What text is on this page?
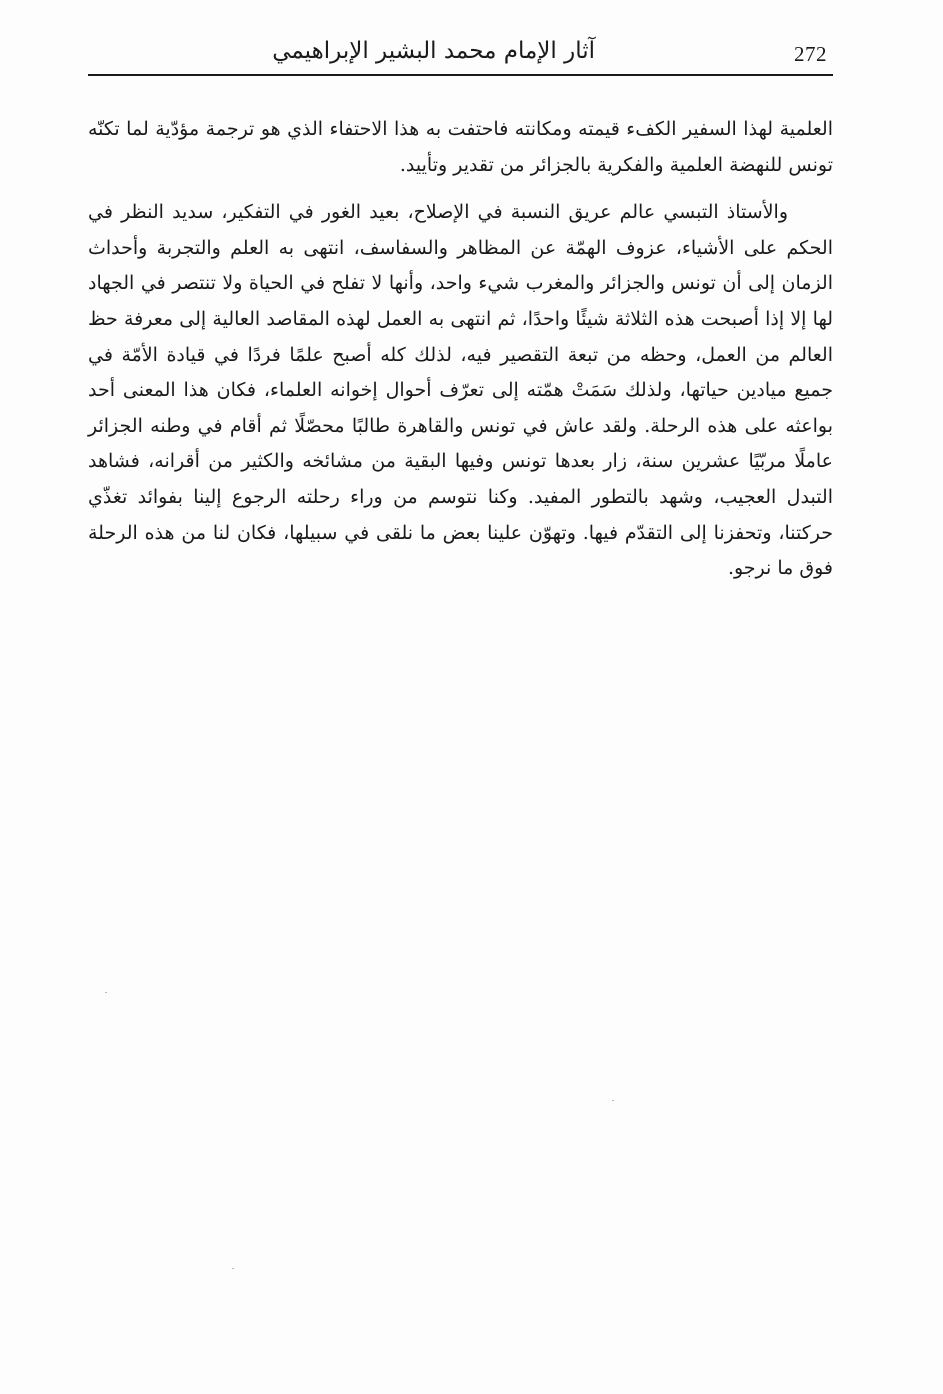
272
آثار الإمام محمد البشير الإبراهيمي

العلمية لهذا السفير الكفء قيمته ومكانته فاحتفت به هذا الاحتفاء الذي هو ترجمة مؤدّية لما تكنّه تونس للنهضة العلمية والفكرية بالجزائر من تقدير وتأييد.

والأستاذ التبسي عالم عريق النسبة في الإصلاح، بعيد الغور في التفكير، سديد النظر في الحكم على الأشياء، عزوف الهمّة عن المظاهر والسفاسف، انتهى به العلم والتجربة وأحداث الزمان إلى أن تونس والجزائر والمغرب شيء واحد، وأنها لا تفلح في الحياة ولا تنتصر في الجهاد لها إلا إذا أصبحت هذه الثلاثة شيئًا واحدًا، ثم انتهى به العمل لهذه المقاصد العالية إلى معرفة حظ العالم من العمل، وحظه من تبعة التقصير فيه، لذلك كله أصبح علمًا فردًا في قيادة الأمّة في جميع ميادين حياتها، ولذلك سَمَتْ همّته إلى تعرّف أحوال إخوانه العلماء، فكان هذا المعنى أحد بواعثه على هذه الرحلة. ولقد عاش في تونس والقاهرة طالبًا محصّلًا ثم أقام في وطنه الجزائر عاملًا مربّيًا عشرين سنة، زار بعدها تونس وفيها البقية من مشائخه والكثير من أقرانه، فشاهد التبدل العجيب، وشهد بالتطور المفيد. وكنا نتوسم من وراء رحلته الرجوع إلينا بفوائد تغذّي حركتنا، وتحفزنا إلى التقدّم فيها. وتهوّن علينا بعض ما نلقى في سبيلها، فكان لنا من هذه الرحلة فوق ما نرجو.
